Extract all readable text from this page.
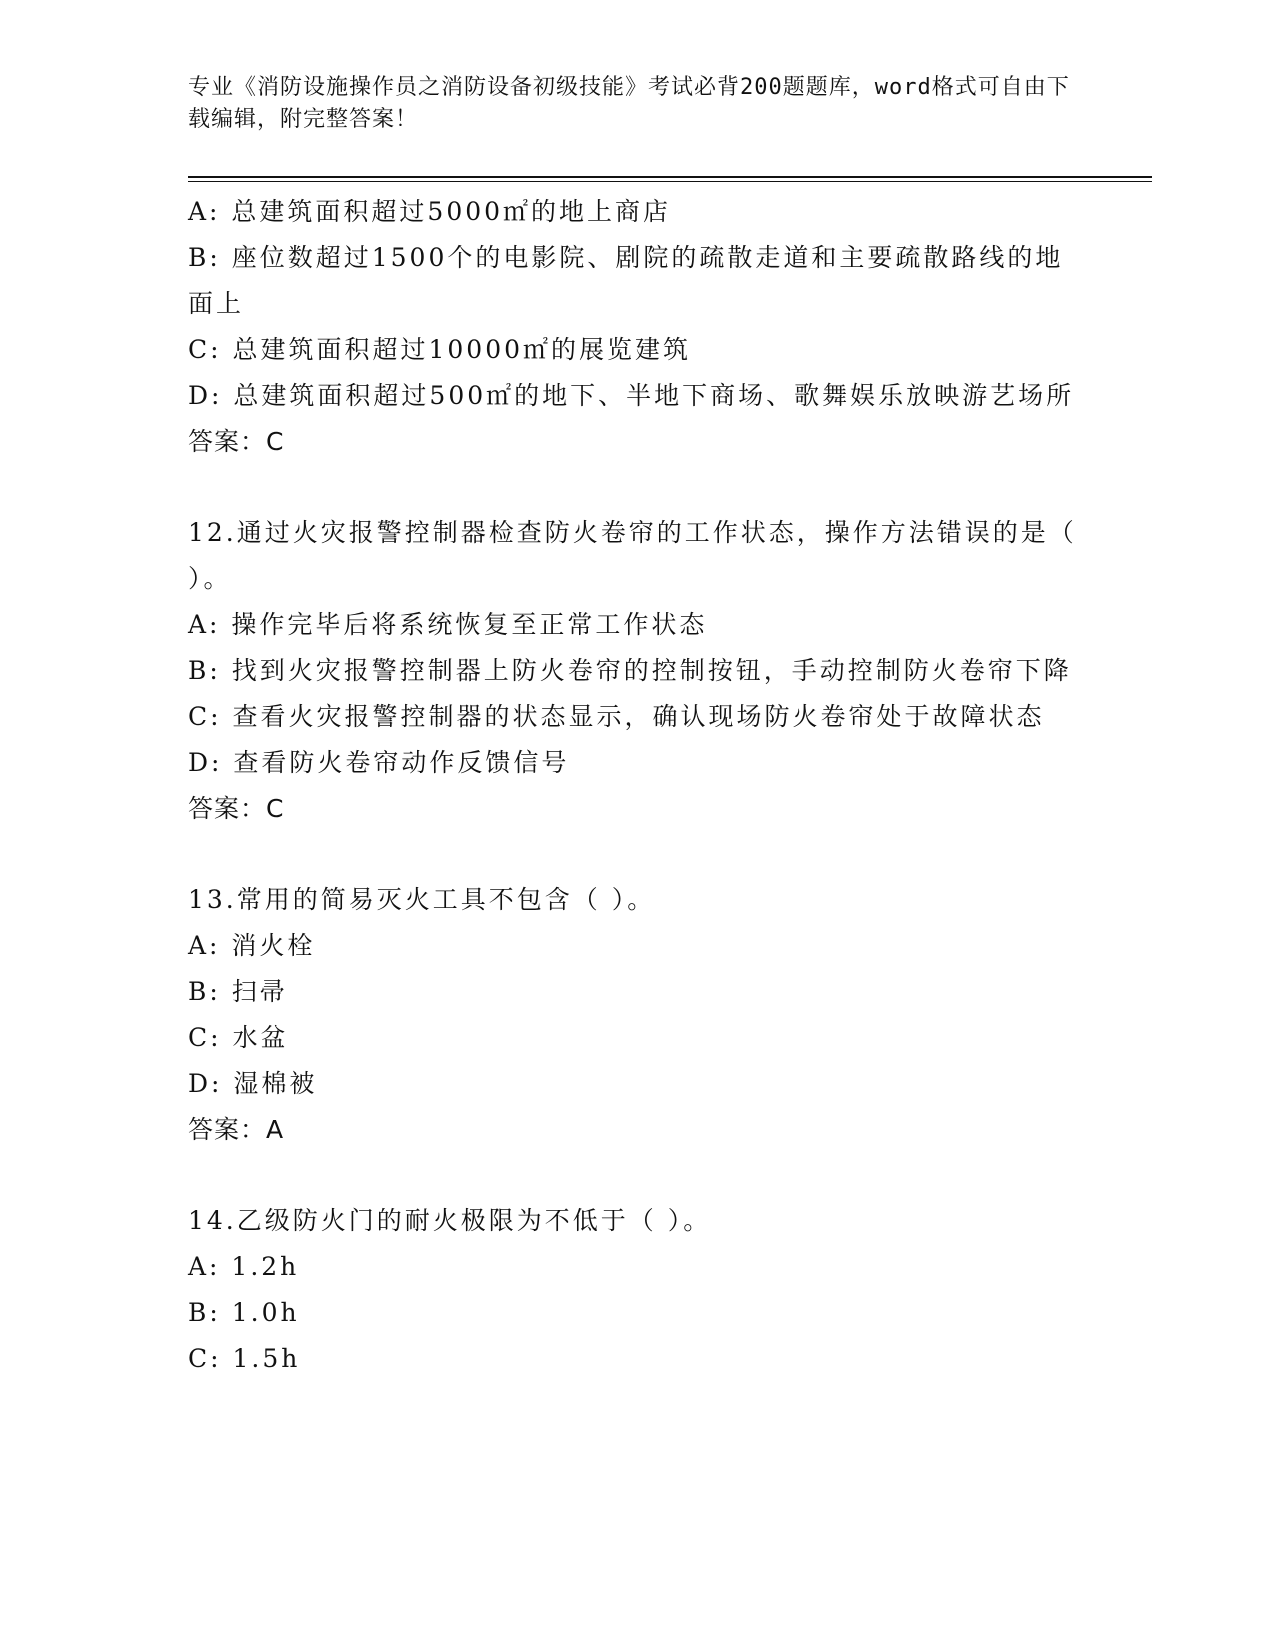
专业《消防设施操作员之消防设备初级技能》考试必背200题题库，word格式可自由下载编辑，附完整答案！
A: 总建筑面积超过5000㎡的地上商店
B: 座位数超过1500个的电影院、剧院的疏散走道和主要疏散路线的地面上
C: 总建筑面积超过10000㎡的展览建筑
D: 总建筑面积超过500㎡的地下、半地下商场、歌舞娱乐放映游艺场所
答案：C
12.通过火灾报警控制器检查防火卷帘的工作状态，操作方法错误的是（ ）。
A: 操作完毕后将系统恢复至正常工作状态
B: 找到火灾报警控制器上防火卷帘的控制按钮，手动控制防火卷帘下降
C: 查看火灾报警控制器的状态显示，确认现场防火卷帘处于故障状态
D: 查看防火卷帘动作反馈信号
答案：C
13.常用的简易灭火工具不包含（ ）。
A: 消火栓
B: 扫帚
C: 水盆
D: 湿棉被
答案：A
14.乙级防火门的耐火极限为不低于（ ）。
A: 1.2h
B: 1.0h
C: 1.5h
